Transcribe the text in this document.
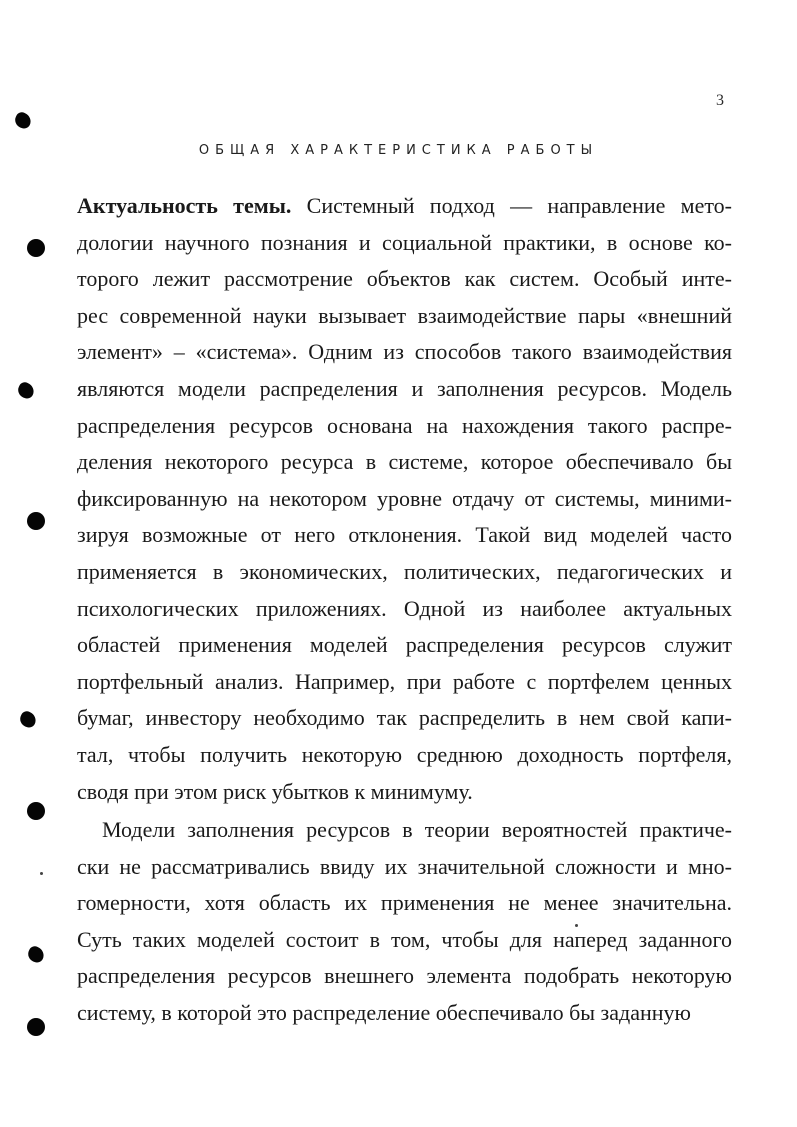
3
ОБЩАЯ ХАРАКТЕРИСТИКА РАБОТЫ
Актуальность темы. Системный подход — направление мето-
дологии научного познания и социальной практики, в основе ко-
торого лежит рассмотрение объектов как систем. Особый инте-
рес современной науки вызывает взаимодействие пары «внешний
элемент» – «система». Одним из способов такого взаимодействия
являются модели распределения и заполнения ресурсов. Модель
распределения ресурсов основана на нахождения такого распре-
деления некоторого ресурса в системе, которое обеспечивало бы
фиксированную на некотором уровне отдачу от системы, миними-
зируя возможные от него отклонения. Такой вид моделей часто
применяется в экономических, политических, педагогических и
психологических приложениях. Одной из наиболее актуальных
областей применения моделей распределения ресурсов служит
портфельный анализ. Например, при работе с портфелем ценных
бумаг, инвестору необходимо так распределить в нем свой капи-
тал, чтобы получить некоторую среднюю доходность портфеля,
сводя при этом риск убытков к минимуму.
Модели заполнения ресурсов в теории вероятностей практиче-
ски не рассматривались ввиду их значительной сложности и мно-
гомерности, хотя область их применения не менее значительна.
Суть таких моделей состоит в том, чтобы для наперед заданного
распределения ресурсов внешнего элемента подобрать некоторую
систему, в которой это распределение обеспечивало бы заданную
